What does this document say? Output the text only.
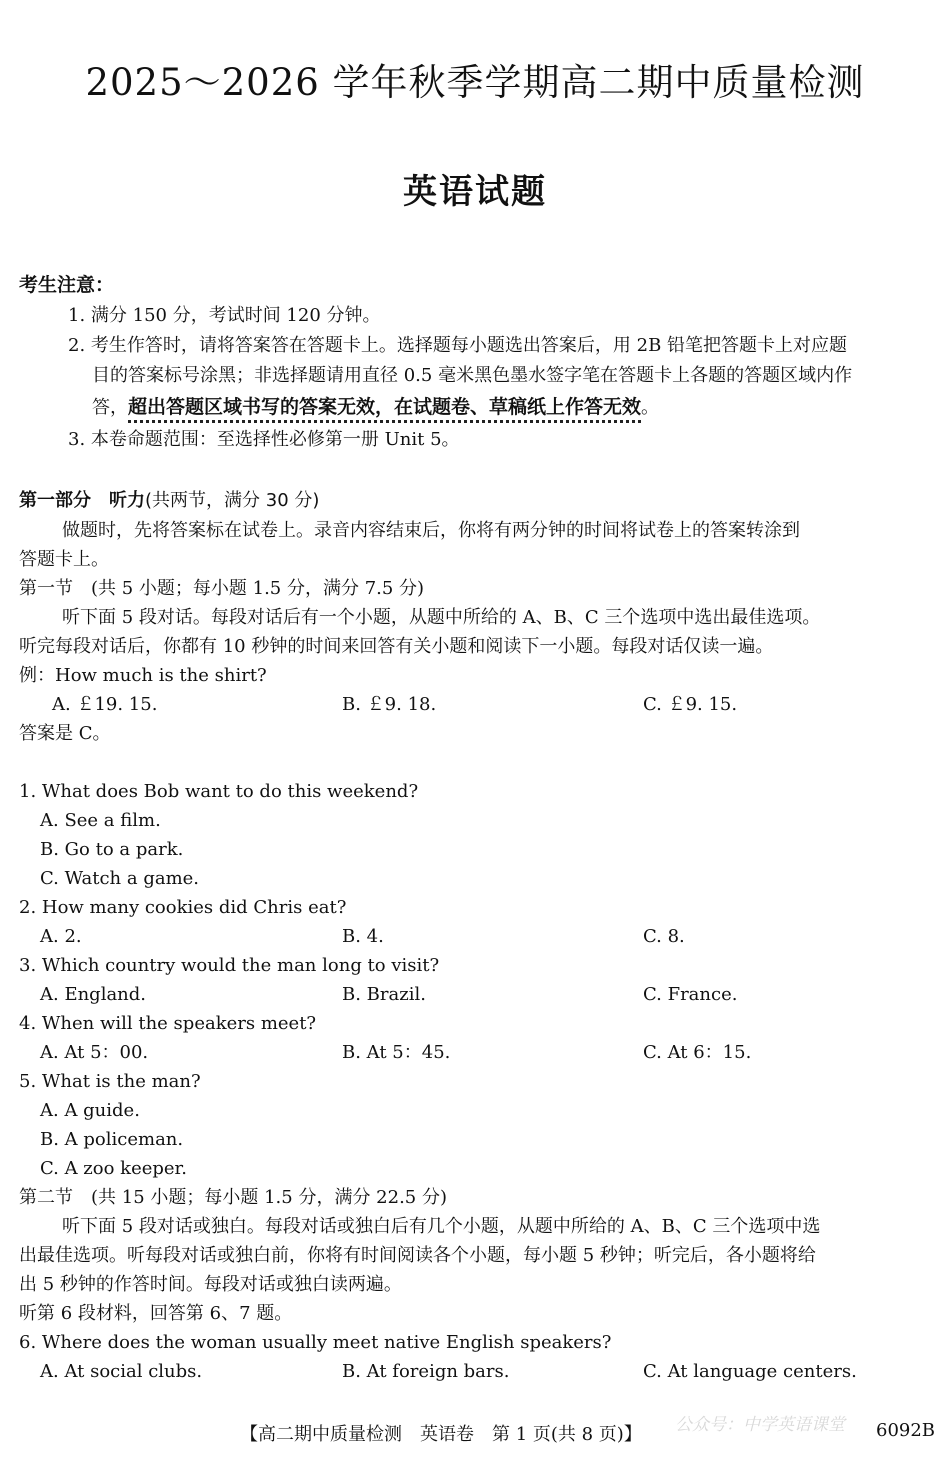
2025～2026 学年秋季学期高二期中质量检测
英语试题
考生注意：
1. 满分 150 分，考试时间 120 分钟。
2. 考生作答时，请将答案答在答题卡上。选择题每小题选出答案后，用 2B 铅笔把答题卡上对应题
目的答案标号涂黑；非选择题请用直径 0.5 毫米黑色墨水签字笔在答题卡上各题的答题区域内作
答，超出答题区域书写的答案无效，在试题卷、草稿纸上作答无效。
3. 本卷命题范围：至选择性必修第一册 Unit 5。
第一部分　听力(共两节，满分 30 分)
做题时，先将答案标在试卷上。录音内容结束后，你将有两分钟的时间将试卷上的答案转涂到
答题卡上。
第一节　(共 5 小题；每小题 1.5 分，满分 7.5 分)
听下面 5 段对话。每段对话后有一个小题，从题中所给的 A、B、C 三个选项中选出最佳选项。
听完每段对话后，你都有 10 秒钟的时间来回答有关小题和阅读下一小题。每段对话仅读一遍。
例：How much is the shirt?
A. ￡19. 15.	B. ￡9. 18.	C. ￡9. 15.
答案是 C。
1. What does Bob want to do this weekend?
A. See a film.
B. Go to a park.
C. Watch a game.
2. How many cookies did Chris eat?
A. 2.	B. 4.	C. 8.
3. Which country would the man long to visit?
A. England.	B. Brazil.	C. France.
4. When will the speakers meet?
A. At 5：00.	B. At 5：45.	C. At 6：15.
5. What is the man?
A. A guide.
B. A policeman.
C. A zoo keeper.
第二节　(共 15 小题；每小题 1.5 分，满分 22.5 分)
听下面 5 段对话或独白。每段对话或独白后有几个小题，从题中所给的 A、B、C 三个选项中选
出最佳选项。听每段对话或独白前，你将有时间阅读各个小题，每小题 5 秒钟；听完后，各小题将给
出 5 秒钟的作答时间。每段对话或独白读两遍。
听第 6 段材料，回答第 6、7 题。
6. Where does the woman usually meet native English speakers?
A. At social clubs.	B. At foreign bars.	C. At language centers.
公众号：中学英语课堂
【高二期中质量检测　英语卷　第 1 页(共 8 页)】	6092B
